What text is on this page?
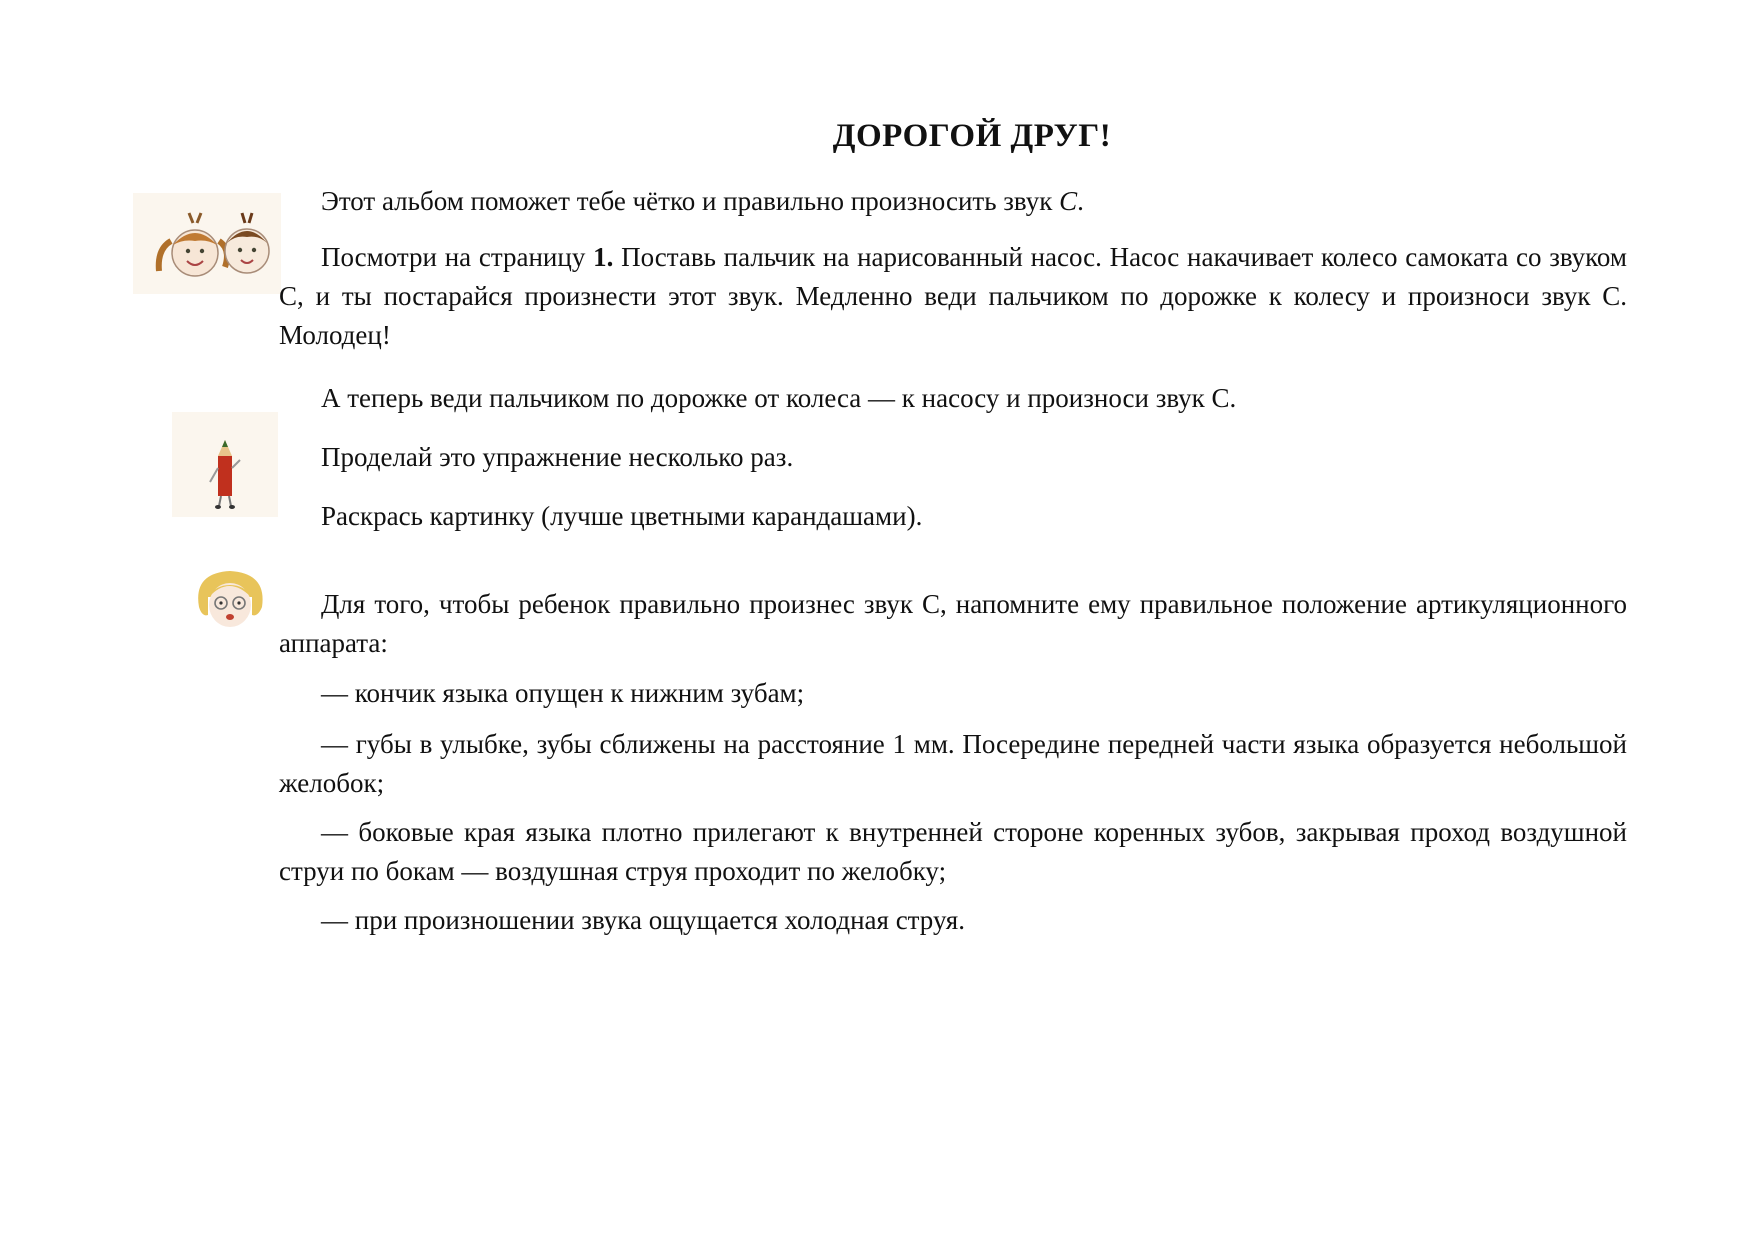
ДОРОГОЙ ДРУГ!
Этот альбом поможет тебе чётко и правильно произносить звук С.
Посмотри на страницу 1. Поставь пальчик на нарисованный насос. Насос накачивает колесо самоката со звуком С, и ты постарайся произнести этот звук. Медленно веди пальчиком по дорожке к колесу и произноси звук С. Молодец!
А теперь веди пальчиком по дорожке от колеса — к насосу и произноси звук С.
Проделай это упражнение несколько раз.
Раскрась картинку (лучше цветными карандашами).
Для того, чтобы ребенок правильно произнес звук С, напомните ему правильное положение артикуляционного аппарата:
— кончик языка опущен к нижним зубам;
— губы в улыбке, зубы сближены на расстояние 1 мм. Посередине передней части языка образуется небольшой желобок;
— боковые края языка плотно прилегают к внутренней стороне коренных зубов, закрывая проход воздушной струи по бокам — воздушная струя проходит по желобку;
— при произношении звука ощущается холодная струя.
